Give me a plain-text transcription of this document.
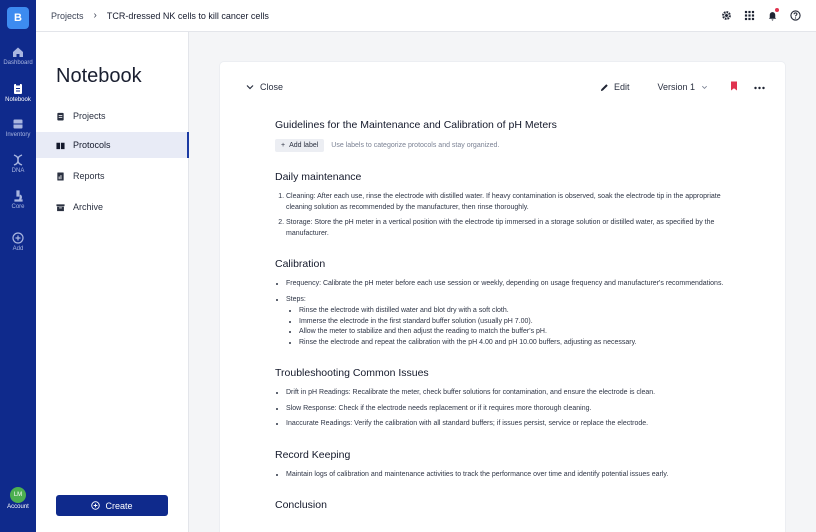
B
Dashboard
Notebook
Inventory
DNA
Core
Add
LM
Account
Projects › TCR-dressed NK cells to kill cancer cells
Notebook
Projects
Protocols
Reports
Archive
Create
Close	Edit	Version 1
Guidelines for the Maintenance and Calibration of pH Meters
+ Add label Use labels to categorize protocols and stay organized.
Daily maintenance
1. Cleaning: After each use, rinse the electrode with distilled water. If heavy contamination is observed, soak the electrode tip in the appropriate cleaning solution as recommended by the manufacturer, then rinse thoroughly.
2. Storage: Store the pH meter in a vertical position with the electrode tip immersed in a storage solution or distilled water, as specified by the manufacturer.
Calibration
• Frequency: Calibrate the pH meter before each use session or weekly, depending on usage frequency and manufacturer's recommendations.
• Steps:
• Rinse the electrode with distilled water and blot dry with a soft cloth.
• Immerse the electrode in the first standard buffer solution (usually pH 7.00).
• Allow the meter to stabilize and then adjust the reading to match the buffer's pH.
• Rinse the electrode and repeat the calibration with the pH 4.00 and pH 10.00 buffers, adjusting as necessary.
Troubleshooting Common Issues
• Drift in pH Readings: Recalibrate the meter, check buffer solutions for contamination, and ensure the electrode is clean.
• Slow Response: Check if the electrode needs replacement or if it requires more thorough cleaning.
• Inaccurate Readings: Verify the calibration with all standard buffers; if issues persist, service or replace the electrode.
Record Keeping
• Maintain logs of calibration and maintenance activities to track the performance over time and identify potential issues early.
Conclusion
